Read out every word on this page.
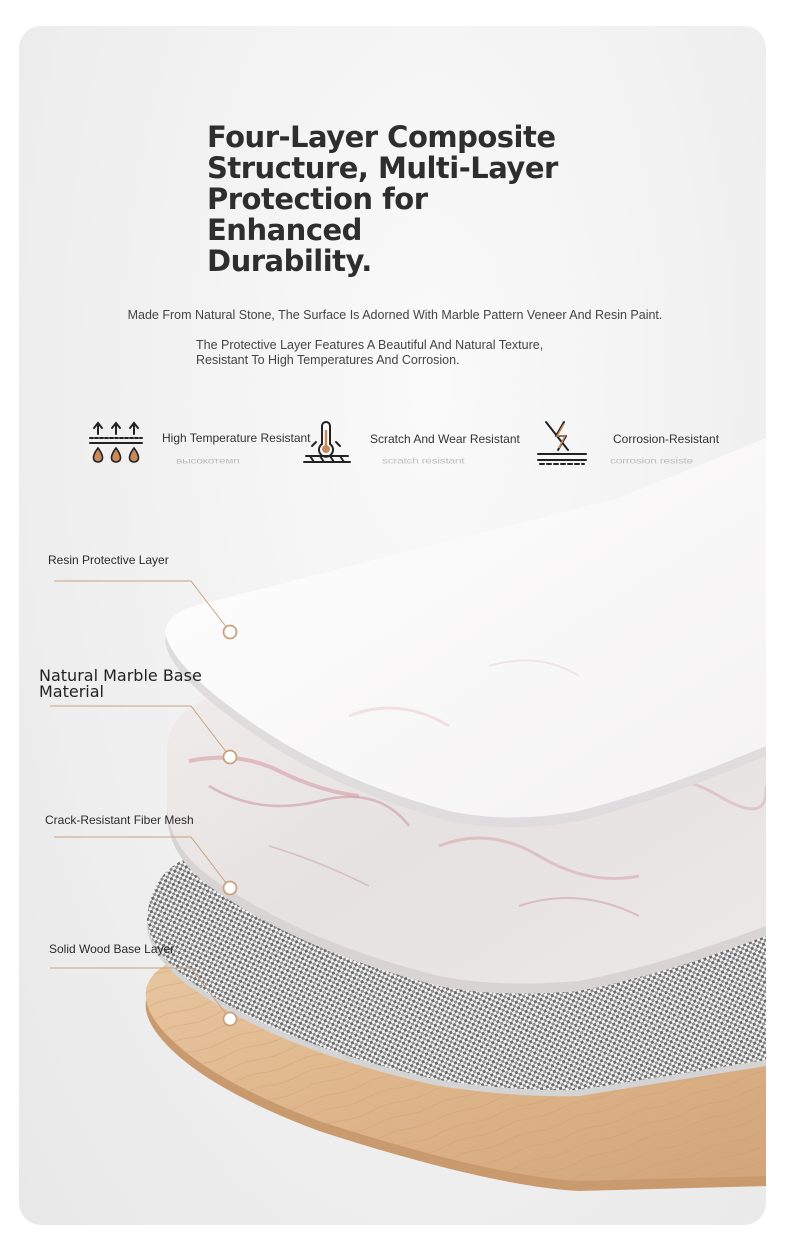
Resin Protective Layer
Natural Marble Base
Material
Crack-Resistant Fiber Mesh
Solid Wood Base Layer
Four-Layer Composite
Structure, Multi-Layer
Protection for Enhanced
Durability.
Made From Natural Stone, The Surface Is Adorned With Marble Pattern Veneer And Resin Paint.
The Protective Layer Features A Beautiful And Natural Texture,
Resistant To High Temperatures And Corrosion.
High Temperature Resistant
высокотемп
Scratch And Wear Resistant
scratch resistant
Corrosion-Resistant
corrosion resiste
